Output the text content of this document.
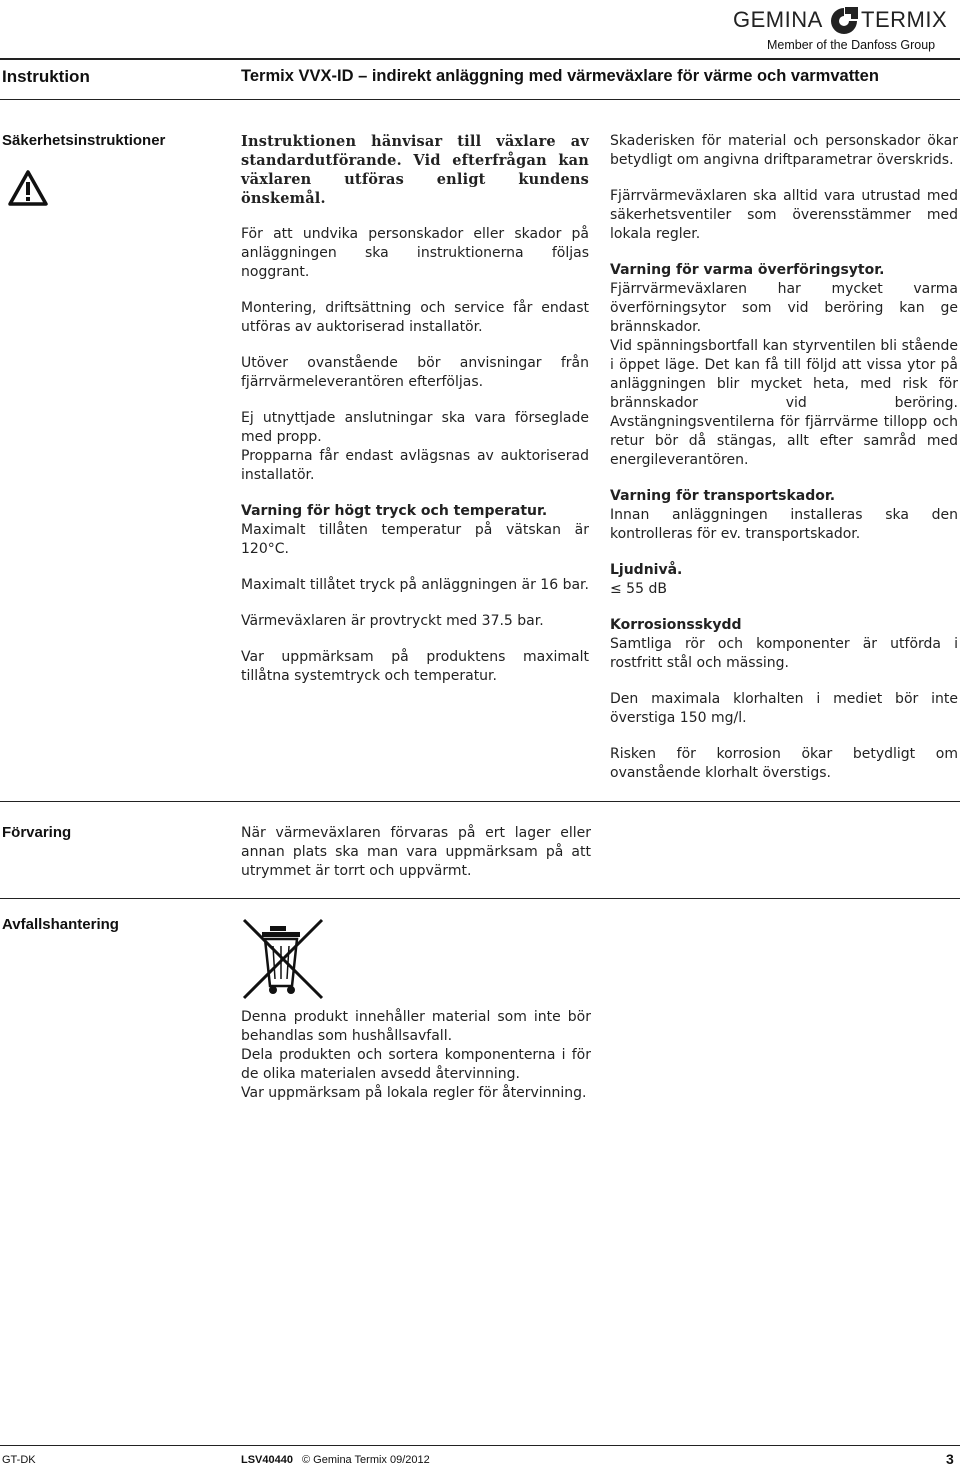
GEMINA TERMIX
Member of the Danfoss Group
Instruktion	Termix VVX-ID – indirekt anläggning med värmeväxlare för värme och varmvatten
Säkerhetsinstruktioner	Instruktionen hänvisar till växlare av standardutförande. Vid efterfrågan kan växlaren utföras enligt kundens önskemål.

För att undvika personskador eller skador på anläggningen ska instruktionerna följas noggrant.

Montering, driftsättning och service får endast utföras av auktoriserad installatör.

Utöver ovanstående bör anvisningar från fjärrvärmeleverantören efterföljas.

Ej utnyttjade anslutningar ska vara förseglade med propp.

Propparna får endast avlägsnas av auktoriserad installatör.

Varning för högt tryck och temperatur.

Maximalt tillåten temperatur på vätskan är 120°C.

Maximalt tillåtet tryck på anläggningen är 16 bar.

Värmeväxlaren är provtryckt med 37.5 bar.

Var uppmärksam på produktens maximalt tillåtna systemtryck och temperatur.

Skaderisken för material och personskador ökar betydligt om angivna driftparametrar överskrids.

Fjärrvärmeväxlaren ska alltid vara utrustad med säkerhetsventiler som överensstämmer med lokala regler.

Varning för varma överföringsytor.

Fjärrvärmeväxlaren har mycket varma överförningsytor som vid beröring kan ge brännskador.

Vid spänningsbortfall kan styrventilen bli stående i öppet läge. Det kan få till följd att vissa ytor på anläggningen blir mycket heta, med risk för brännskador vid beröring. Avstängningsventilerna för fjärrvärme tillopp och retur bör då stängas, allt efter samråd med energileverantören.

Varning för transportskador.

Innan anläggningen installeras ska den kontrolleras för ev. transportskador.

Ljudnivå.

≤ 55 dB

Korrosionsskydd

Samtliga rör och komponenter är utförda i rostfritt stål och mässing.

Den maximala klorhalten i mediet bör inte överstiga 150 mg/l.

Risken för korrosion ökar betydligt om ovanstående klorhalt överstigs.

Förvaring	När värmeväxlaren förvaras på ert lager eller annan plats ska man vara uppmärksam på att utrymmet är torrt och uppvärmt.

Avfallshantering

Denna produkt innehåller material som inte bör behandlas som hushållsavfall.

Dela produkten och sortera komponenterna i för de olika materialen avsedd återvinning.

Var uppmärksam på lokala regler för återvinning.

GT-DK	LSV40440 © Gemina Termix 09/2012	3
